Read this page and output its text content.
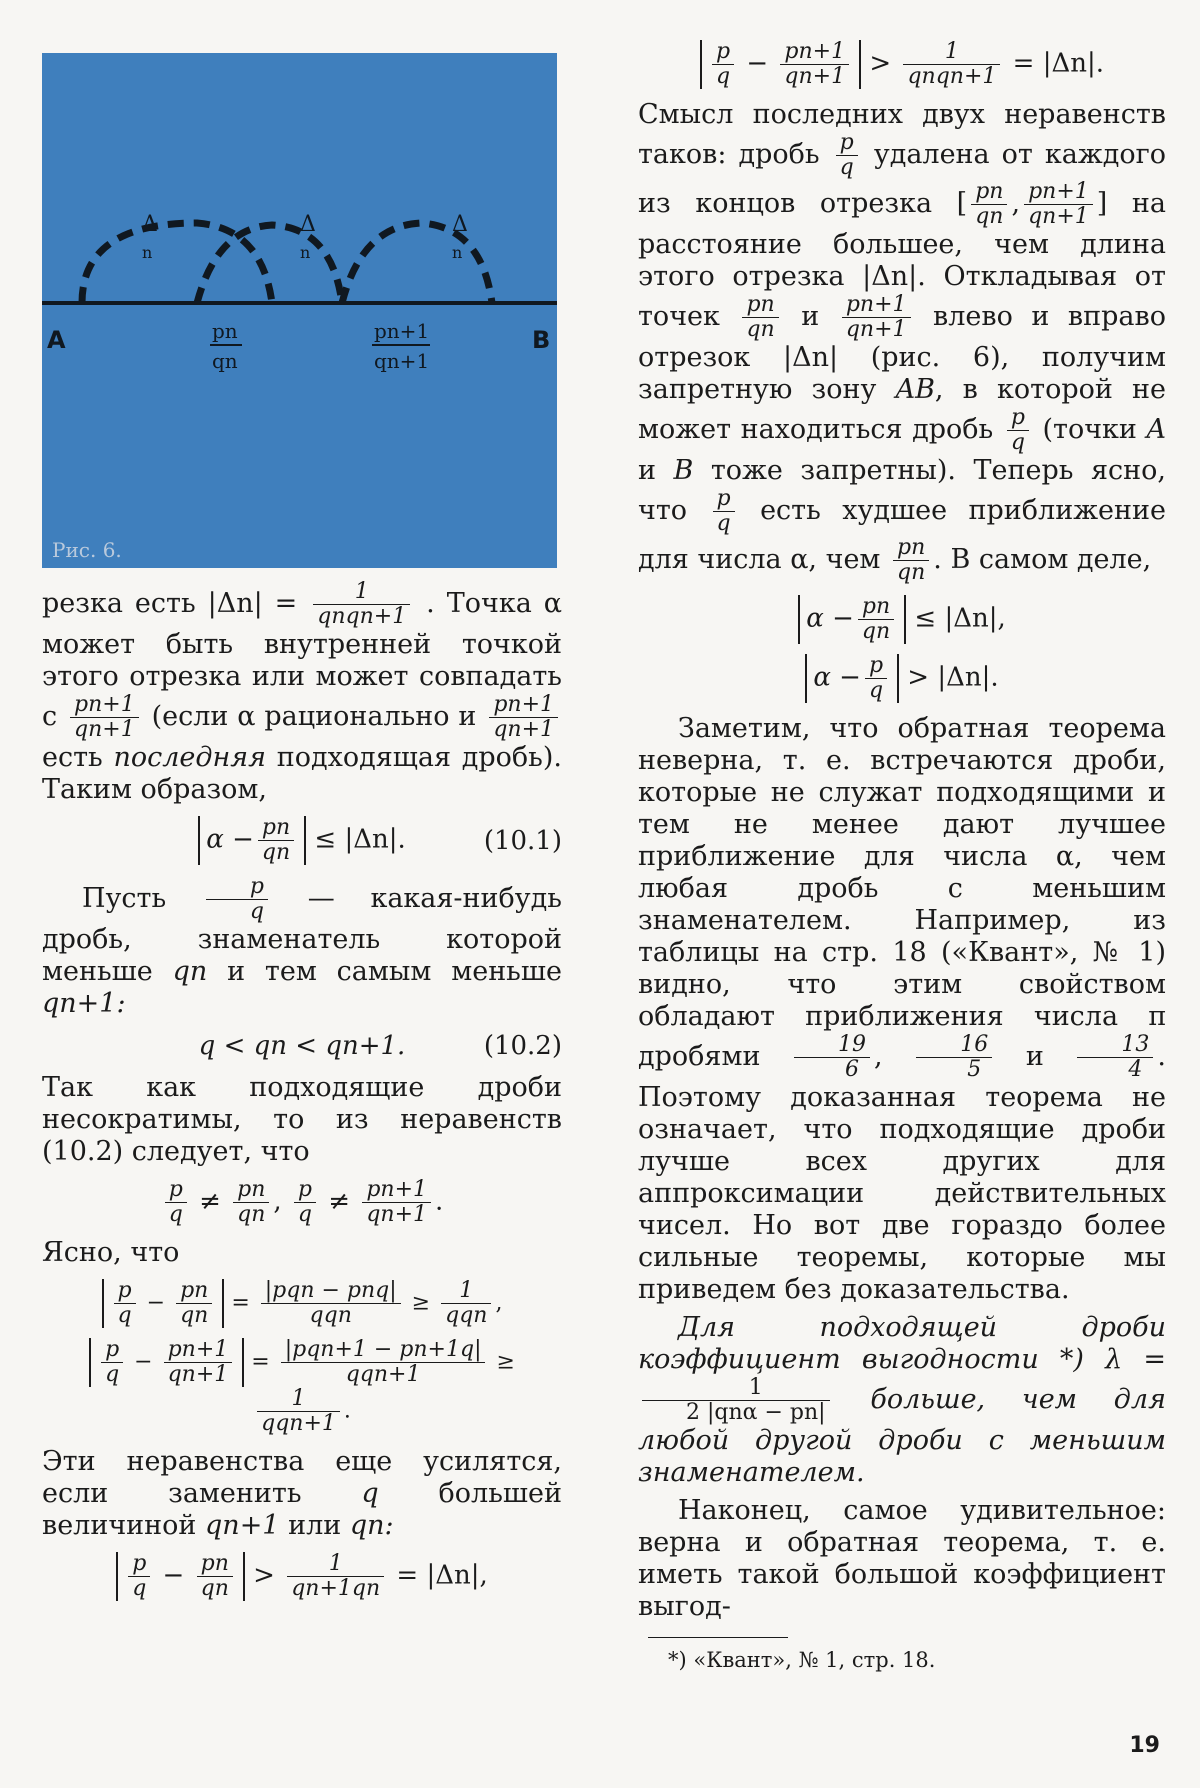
A	B
Δ
n
Δ
n
Δ
n
pn
qn
pn+1
qn+1
Рис. 6.

резка есть $|\Delta n| = \frac{1}{\text{qnqn+1}}$ . Точка α может быть внутренней точкой этого отрезка или может совпадать с $\frac{pn+1}{qn+1}$ (если α рационально и $\frac{pn+1}{qn+1}$
есть последняя подходящая дробь). Таким образом,

$\alpha - \frac{pn}{qn} \le |\Delta n|$.	(10.1)

Пусть $\frac{p}{q}$ — какая-нибудь дробь, знаменатель которой меньше qn и тем самым меньше qn+1:

q < qn < qn+1.	(10.2)

Так как подходящие дроби несократимы, то из неравенств (10.2) следует, что

$\frac{p}{q} \ne \frac{pn}{qn}$ , $\frac{p}{q} \ne \frac{pn+1}{qn+1}$ .

Ясно, что

$\frac{p}{q} - \frac{pn}{qn} = \frac{\text{|pqn − pnq|}}{\text{qqn}} \ge \frac{1}{\text{qqn}}$ ,
$\frac{p}{q} - \frac{pn+1}{qn+1} = \frac{\text{|pqn+1 − pn+1q|}}{\text{qqn+1}}$ ≥
$\frac{1}{\text{qqn+1}}$ .

Эти неравенства еще усилятся, если заменить q большей величиной qn+1 или qn:

$\frac{p}{q} - \frac{pn}{qn} > \frac{1}{qn+1qn} = |\Delta n|$,
$\frac{p}{q} - \frac{pn+1}{qn+1} > \frac{1}{\text{qnqn+1}} = |\Delta n|$.

Смысл последних двух неравенств таков: дробь $\frac{p}{q}$ удалена от каждого из концов отрезка [ $\frac{pn}{qn}$ , $\frac{pn+1}{qn+1}$ ] на расстояние большее, чем длина этого отрезка |Δn|. Откладывая от точек $\frac{pn}{qn}$ и $\frac{pn+1}{qn+1}$ влево и вправо отрезок |Δn| (рис. 6), получим запретную зону AB, в которой не может находиться дробь $\frac{p}{q}$ (точки A и B тоже запретны). Теперь ясно, что $\frac{p}{q}$ есть худшее приближение для числа α, чем $\frac{pn}{qn}$ . В самом деле,

$\alpha - \frac{pn}{qn} \le |\Delta n|$,
$\alpha - \frac{p}{q} > |\Delta n|$.

Заметим, что обратная теорема неверна, т. е. встречаются дроби, которые не служат подходящими и тем не менее дают лучшее приближение для числа α, чем любая дробь с меньшим знаменателем. Например, из таблицы на стр. 18 («Квант», № 1) видно, что этим свойством обладают приближения числа π дробями $\frac{19}{6}$ , $\frac{16}{5}$ и $\frac{13}{4}$ . Поэтому доказанная теорема не означает, что подходящие дроби лучше всех других для аппроксимации действительных чисел. Но вот две гораздо более сильные теоремы, которые мы приведем без доказательства.

Для подходящей дроби коэффициент выгодности *) λ =
$\frac{1}{\text{2 |qnα − pn|}}$ больше, чем для любой другой дроби с меньшим знаменателем.

Наконец, самое удивительное: верна и обратная теорема, т. е. иметь такой большой коэффициент выгод-

*) «Квант», № 1, стр. 18.
19
